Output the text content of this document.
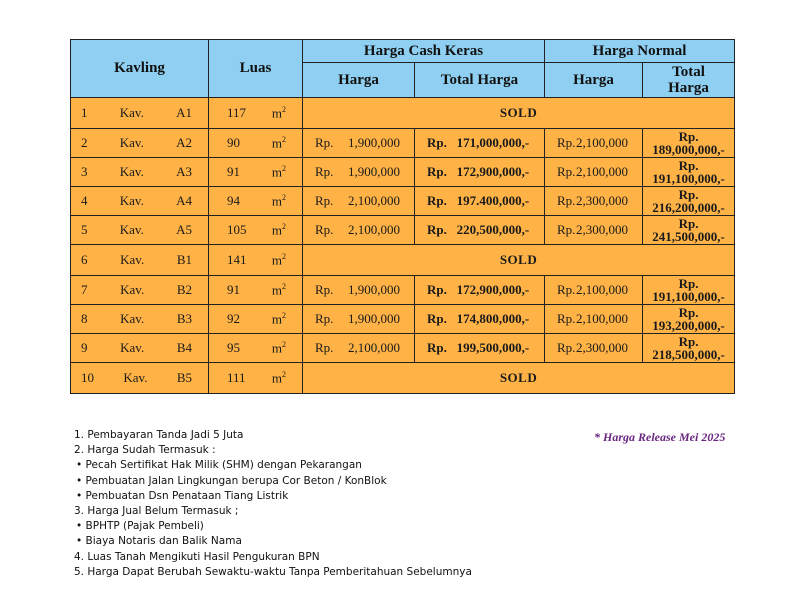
Kavling	Luas	Harga Cash Keras		Harga Normal	
		Harga	Total Harga	Harga	Total
Harga

1 Kav. A1	117 $m^2$	SOLD			

2 Kav. A2	90 $m^2$	Rp. 1,900,000	Rp.   171,000,000,-	Rp. 2,100,000	Rp.
189,000,000,-

3 Kav. A3	91 $m^2$	Rp. 1,900,000	Rp.   172,900,000,-	Rp. 2,100,000	Rp.
191,100,000,-

4 Kav. A4	94 $m^2$	Rp. 2,100,000	Rp.   197.400,000,-	Rp. 2,300,000	Rp.
216,200,000,-

5 Kav. A5	105 $m^2$	Rp. 2,100,000	Rp.   220,500,000,-	Rp. 2,300,000	Rp.
241,500,000,-

6 Kav. B1	141 $m^2$	SOLD			

7 Kav. B2	91 $m^2$	Rp. 1,900,000	Rp.   172,900,000,-	Rp. 2,100,000	Rp.
191,100,000,-

8 Kav. B3	92 $m^2$	Rp. 1,900,000	Rp.   174,800,000,-	Rp. 2,100,000	Rp.
193,200,000,-

9 Kav. B4	95 $m^2$	Rp. 2,100,000	Rp.   199,500,000,-	Rp. 2,300,000	Rp.
218,500,000,-

10 Kav. B5	111 $m^2$	SOLD			
* Harga Release Mei 2025
1. Pembayaran Tanda Jadi 5 Juta
2. Harga Sudah Termasuk :
• Pecah Sertifikat Hak Milik (SHM) dengan Pekarangan
• Pembuatan Jalan Lingkungan berupa Cor Beton / KonBlok
• Pembuatan Dsn Penataan Tiang Listrik
3. Harga Jual Belum Termasuk ;
• BPHTP (Pajak Pembeli)
• Biaya Notaris dan Balik Nama
4. Luas Tanah Mengikuti Hasil Pengukuran BPN
5. Harga Dapat Berubah Sewaktu-waktu Tanpa Pemberitahuan Sebelumnya
